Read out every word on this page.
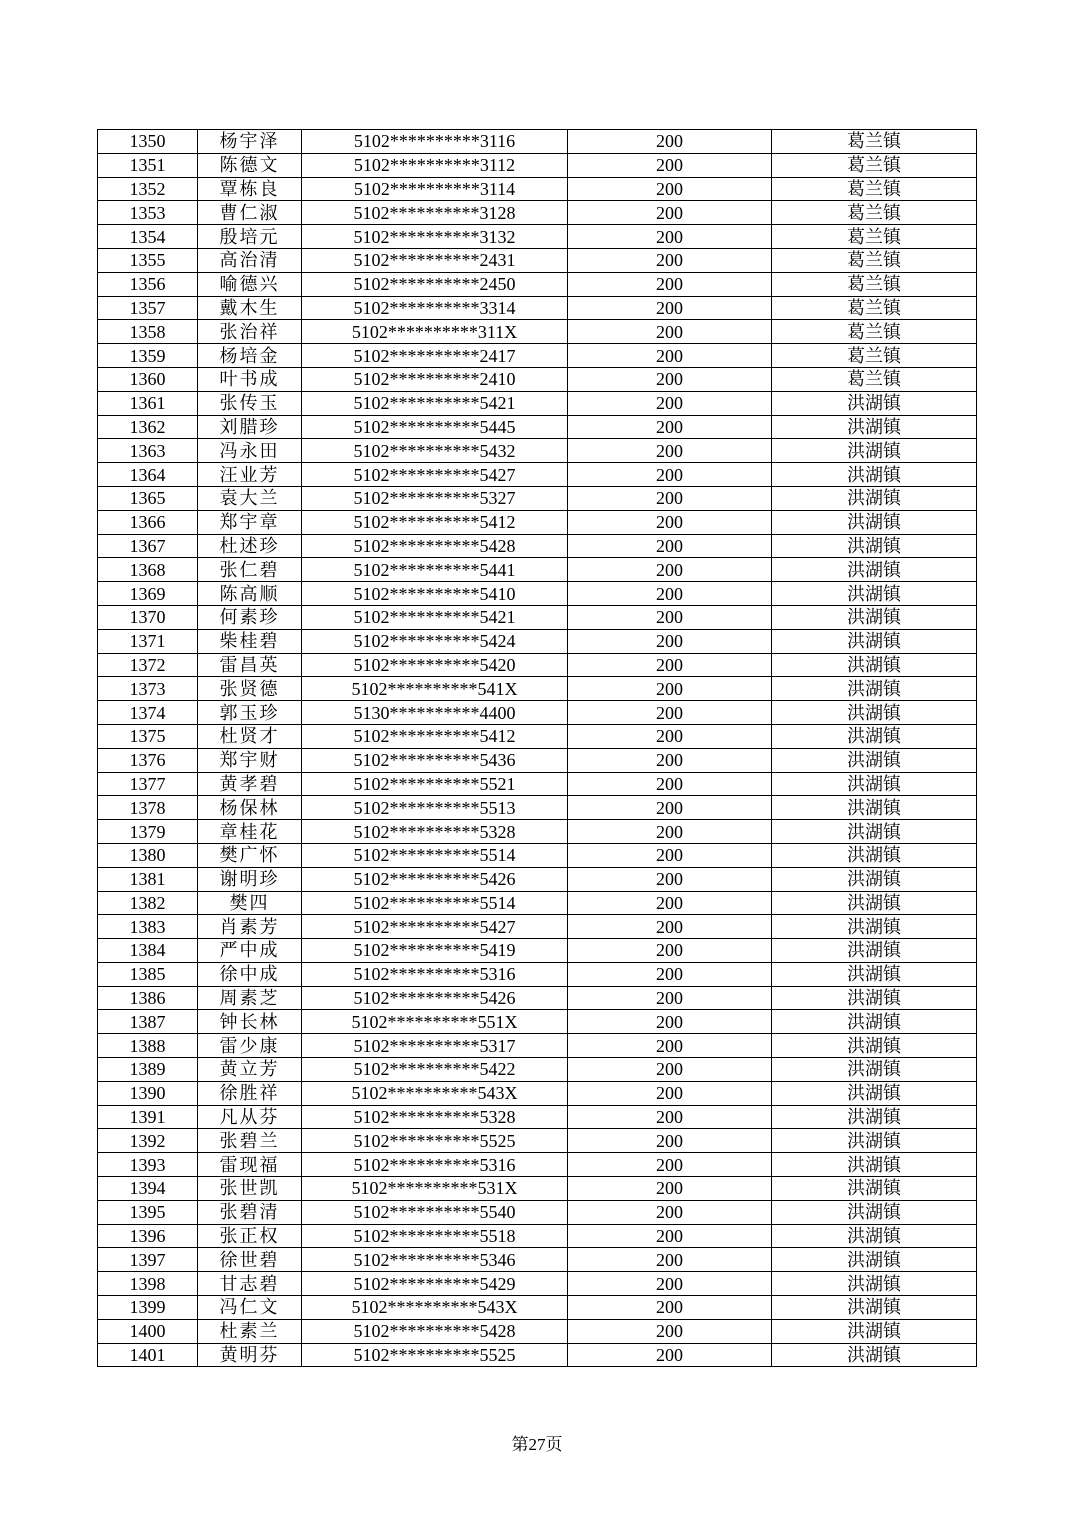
1350	杨宇泽	5102**********3116	200	葛兰镇
1351	陈德文	5102**********3112	200	葛兰镇
1352	覃栋良	5102**********3114	200	葛兰镇
1353	曹仁淑	5102**********3128	200	葛兰镇
1354	殷培元	5102**********3132	200	葛兰镇
1355	高治清	5102**********2431	200	葛兰镇
1356	喻德兴	5102**********2450	200	葛兰镇
1357	戴木生	5102**********3314	200	葛兰镇
1358	张治祥	5102**********311X	200	葛兰镇
1359	杨培金	5102**********2417	200	葛兰镇
1360	叶书成	5102**********2410	200	葛兰镇
1361	张传玉	5102**********5421	200	洪湖镇
1362	刘腊珍	5102**********5445	200	洪湖镇
1363	冯永田	5102**********5432	200	洪湖镇
1364	汪业芳	5102**********5427	200	洪湖镇
1365	袁大兰	5102**********5327	200	洪湖镇
1366	郑宇章	5102**********5412	200	洪湖镇
1367	杜述珍	5102**********5428	200	洪湖镇
1368	张仁碧	5102**********5441	200	洪湖镇
1369	陈高顺	5102**********5410	200	洪湖镇
1370	何素珍	5102**********5421	200	洪湖镇
1371	柴桂碧	5102**********5424	200	洪湖镇
1372	雷昌英	5102**********5420	200	洪湖镇
1373	张贤德	5102**********541X	200	洪湖镇
1374	郭玉珍	5130**********4400	200	洪湖镇
1375	杜贤才	5102**********5412	200	洪湖镇
1376	郑宇财	5102**********5436	200	洪湖镇
1377	黄孝碧	5102**********5521	200	洪湖镇
1378	杨保林	5102**********5513	200	洪湖镇
1379	章桂花	5102**********5328	200	洪湖镇
1380	樊广怀	5102**********5514	200	洪湖镇
1381	谢明珍	5102**********5426	200	洪湖镇
1382	樊四	5102**********5514	200	洪湖镇
1383	肖素芳	5102**********5427	200	洪湖镇
1384	严中成	5102**********5419	200	洪湖镇
1385	徐中成	5102**********5316	200	洪湖镇
1386	周素芝	5102**********5426	200	洪湖镇
1387	钟长林	5102**********551X	200	洪湖镇
1388	雷少康	5102**********5317	200	洪湖镇
1389	黄立芳	5102**********5422	200	洪湖镇
1390	徐胜祥	5102**********543X	200	洪湖镇
1391	凡从芬	5102**********5328	200	洪湖镇
1392	张碧兰	5102**********5525	200	洪湖镇
1393	雷现福	5102**********5316	200	洪湖镇
1394	张世凯	5102**********531X	200	洪湖镇
1395	张碧清	5102**********5540	200	洪湖镇
1396	张正权	5102**********5518	200	洪湖镇
1397	徐世碧	5102**********5346	200	洪湖镇
1398	甘志碧	5102**********5429	200	洪湖镇
1399	冯仁文	5102**********543X	200	洪湖镇
1400	杜素兰	5102**********5428	200	洪湖镇
1401	黄明芬	5102**********5525	200	洪湖镇
第27页
